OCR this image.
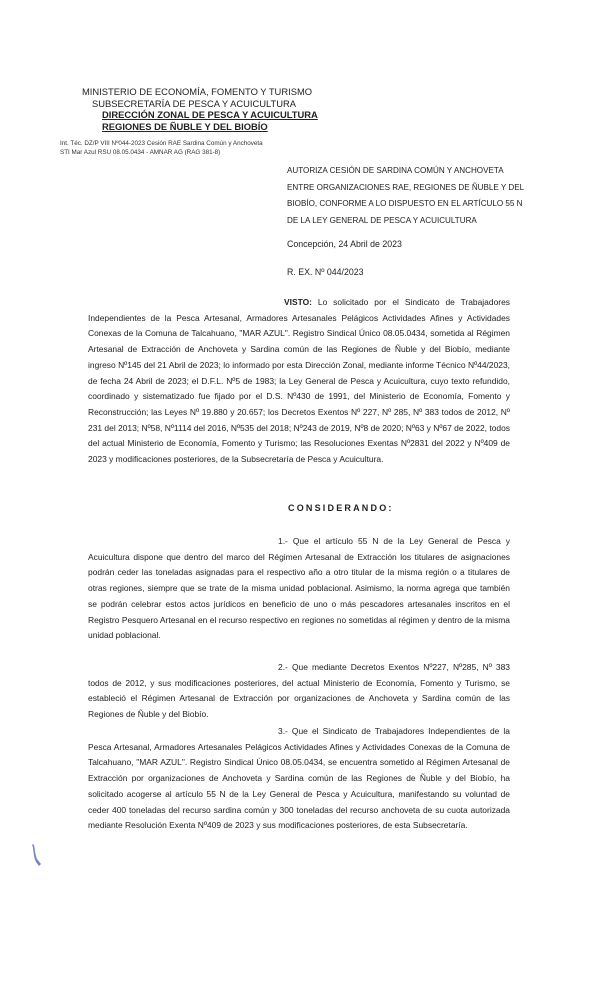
MINISTERIO DE ECONOMÍA, FOMENTO Y TURISMO
SUBSECRETARÍA DE PESCA Y ACUICULTURA
DIRECCIÓN ZONAL DE PESCA Y ACUICULTURA
REGIONES DE ÑUBLE Y DEL BIOBÍO
Int. Téc. DZ/P VIII Nº044-2023 Cesión RAE Sardina Común y Anchoveta
STI Mar Azul RSU 08.05.0434 - AMNAR AG (RAG 381-8)
AUTORIZA CESIÓN DE SARDINA COMÚN Y ANCHOVETA ENTRE ORGANIZACIONES RAE, REGIONES DE ÑUBLE Y DEL BIOBÍO, CONFORME A LO DISPUESTO EN EL ARTÍCULO 55 N DE LA LEY GENERAL DE PESCA Y ACUICULTURA
Concepción, 24 Abril de 2023
R. EX. Nº 044/2023
VISTO: Lo solicitado por el Sindicato de Trabajadores Independientes de la Pesca Artesanal, Armadores Artesanales Pelágicos Actividades Afines y Actividades Conexas de la Comuna de Talcahuano, "MAR AZUL". Registro Sindical Único 08.05.0434, sometida al Régimen Artesanal de Extracción de Anchoveta y Sardina común de las Regiones de Ñuble y del Biobío, mediante ingreso Nº145 del 21 Abril de 2023; lo informado por esta Dirección Zonal, mediante informe Técnico Nº44/2023, de fecha 24 Abril de 2023; el D.F.L. Nº5 de 1983; la Ley General de Pesca y Acuicultura, cuyo texto refundido, coordinado y sistematizado fue fijado por el D.S. Nº430 de 1991, del Ministerio de Economía, Fomento y Reconstrucción; las Leyes Nº 19.880 y 20.657; los Decretos Exentos Nº 227, Nº 285, Nº 383 todos de 2012, Nº 231 del 2013; Nº58, Nº1114 del 2016, Nº535 del 2018; Nº243 de 2019, Nº8 de 2020; Nº63 y Nº67 de 2022, todos del actual Ministerio de Economía, Fomento y Turismo; las Resoluciones Exentas Nº2831 del 2022 y Nº409 de 2023 y modificaciones posteriores, de la Subsecretaría de Pesca y Acuicultura.
CONSIDERANDO:
1.- Que el artículo 55 N de la Ley General de Pesca y Acuicultura dispone que dentro del marco del Régimen Artesanal de Extracción los titulares de asignaciones podrán ceder las toneladas asignadas para el respectivo año a otro titular de la misma región o a titulares de otras regiones, siempre que se trate de la misma unidad poblacional. Asimismo, la norma agrega que también se podrán celebrar estos actos jurídicos en beneficio de uno o más pescadores artesanales inscritos en el Registro Pesquero Artesanal en el recurso respectivo en regiones no sometidas al régimen y dentro de la misma unidad poblacional.
2.- Que mediante Decretos Exentos Nº227, Nº285, Nº 383 todos de 2012, y sus modificaciones posteriores, del actual Ministerio de Economía, Fomento y Turismo, se estableció el Régimen Artesanal de Extracción por organizaciones de Anchoveta y Sardina común de las Regiones de Ñuble y del Biobío.
3.- Que el Sindicato de Trabajadores Independientes de la Pesca Artesanal, Armadores Artesanales Pelágicos Actividades Afines y Actividades Conexas de la Comuna de Talcahuano, "MAR AZUL". Registro Sindical Único 08.05.0434, se encuentra sometido al Régimen Artesanal de Extracción por organizaciones de Anchoveta y Sardina común de las Regiones de Ñuble y del Biobío, ha solicitado acogerse al artículo 55 N de la Ley General de Pesca y Acuicultura, manifestando su voluntad de ceder 400 toneladas del recurso sardina común y 300 toneladas del recurso anchoveta de su cuota autorizada mediante Resolución Exenta Nº409 de 2023 y sus modificaciones posteriores, de esta Subsecretaría.
